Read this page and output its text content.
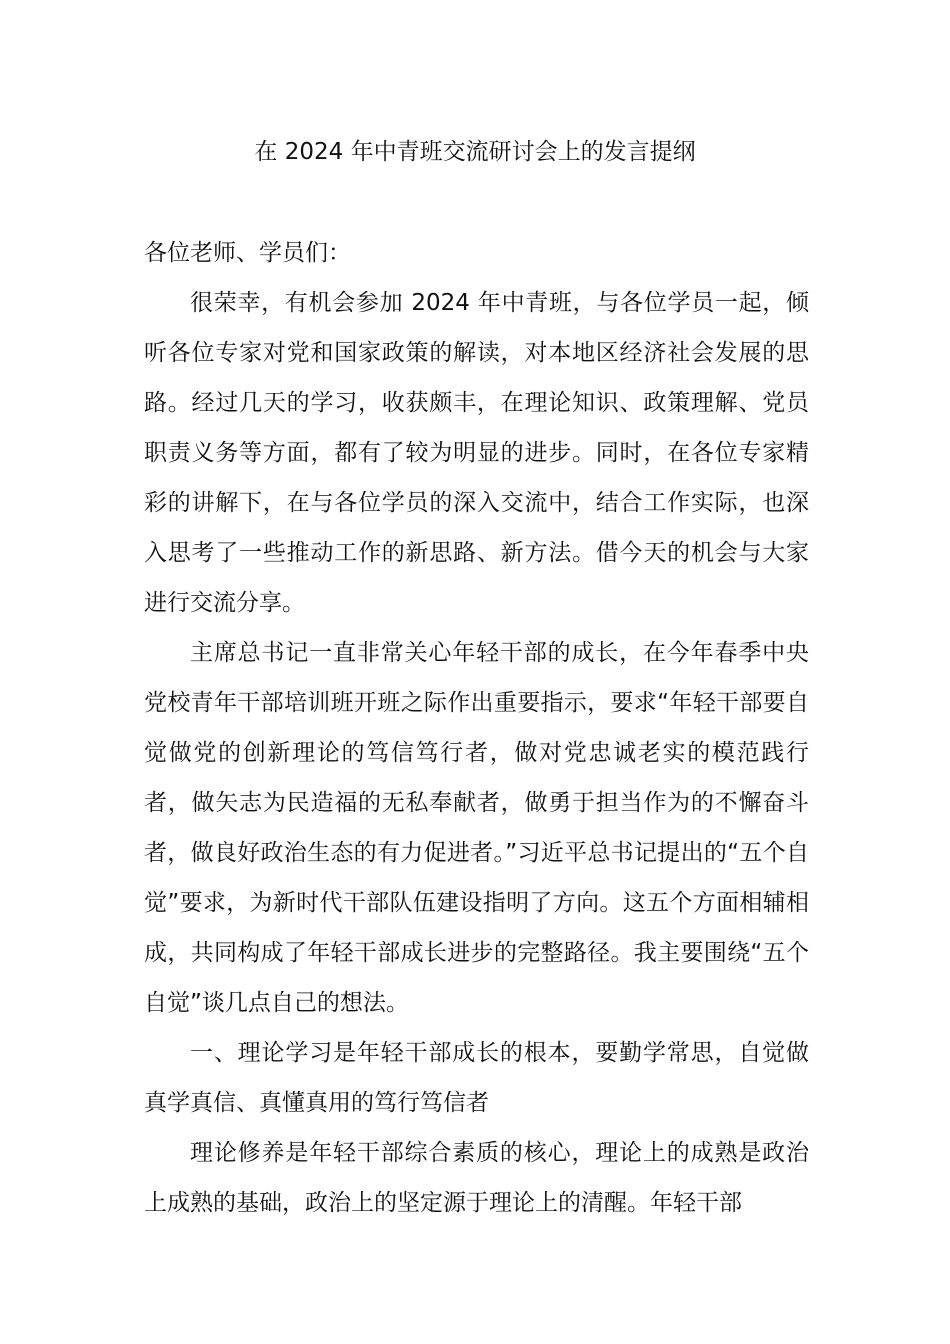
在 2024 年中青班交流研讨会上的发言提纲

各位老师、学员们：

很荣幸，有机会参加 2024 年中青班，与各位学员一起，倾听各位专家对党和国家政策的解读，对本地区经济社会发展的思路。经过几天的学习，收获颇丰，在理论知识、政策理解、党员职责义务等方面，都有了较为明显的进步。同时，在各位专家精彩的讲解下，在与各位学员的深入交流中，结合工作实际，也深入思考了一些推动工作的新思路、新方法。借今天的机会与大家进行交流分享。

主席总书记一直非常关心年轻干部的成长，在今年春季中央党校青年干部培训班开班之际作出重要指示，要求“年轻干部要自觉做党的创新理论的笃信笃行者，做对党忠诚老实的模范践行者，做矢志为民造福的无私奉献者，做勇于担当作为的不懈奋斗者，做良好政治生态的有力促进者。”习近平总书记提出的“五个自觉”要求，为新时代干部队伍建设指明了方向。这五个方面相辅相成，共同构成了年轻干部成长进步的完整路径。我主要围绕“五个自觉”谈几点自己的想法。

一、理论学习是年轻干部成长的根本，要勤学常思，自觉做真学真信、真懂真用的笃行笃信者

理论修养是年轻干部综合素质的核心，理论上的成熟是政治上成熟的基础，政治上的坚定源于理论上的清醒。年轻干部
